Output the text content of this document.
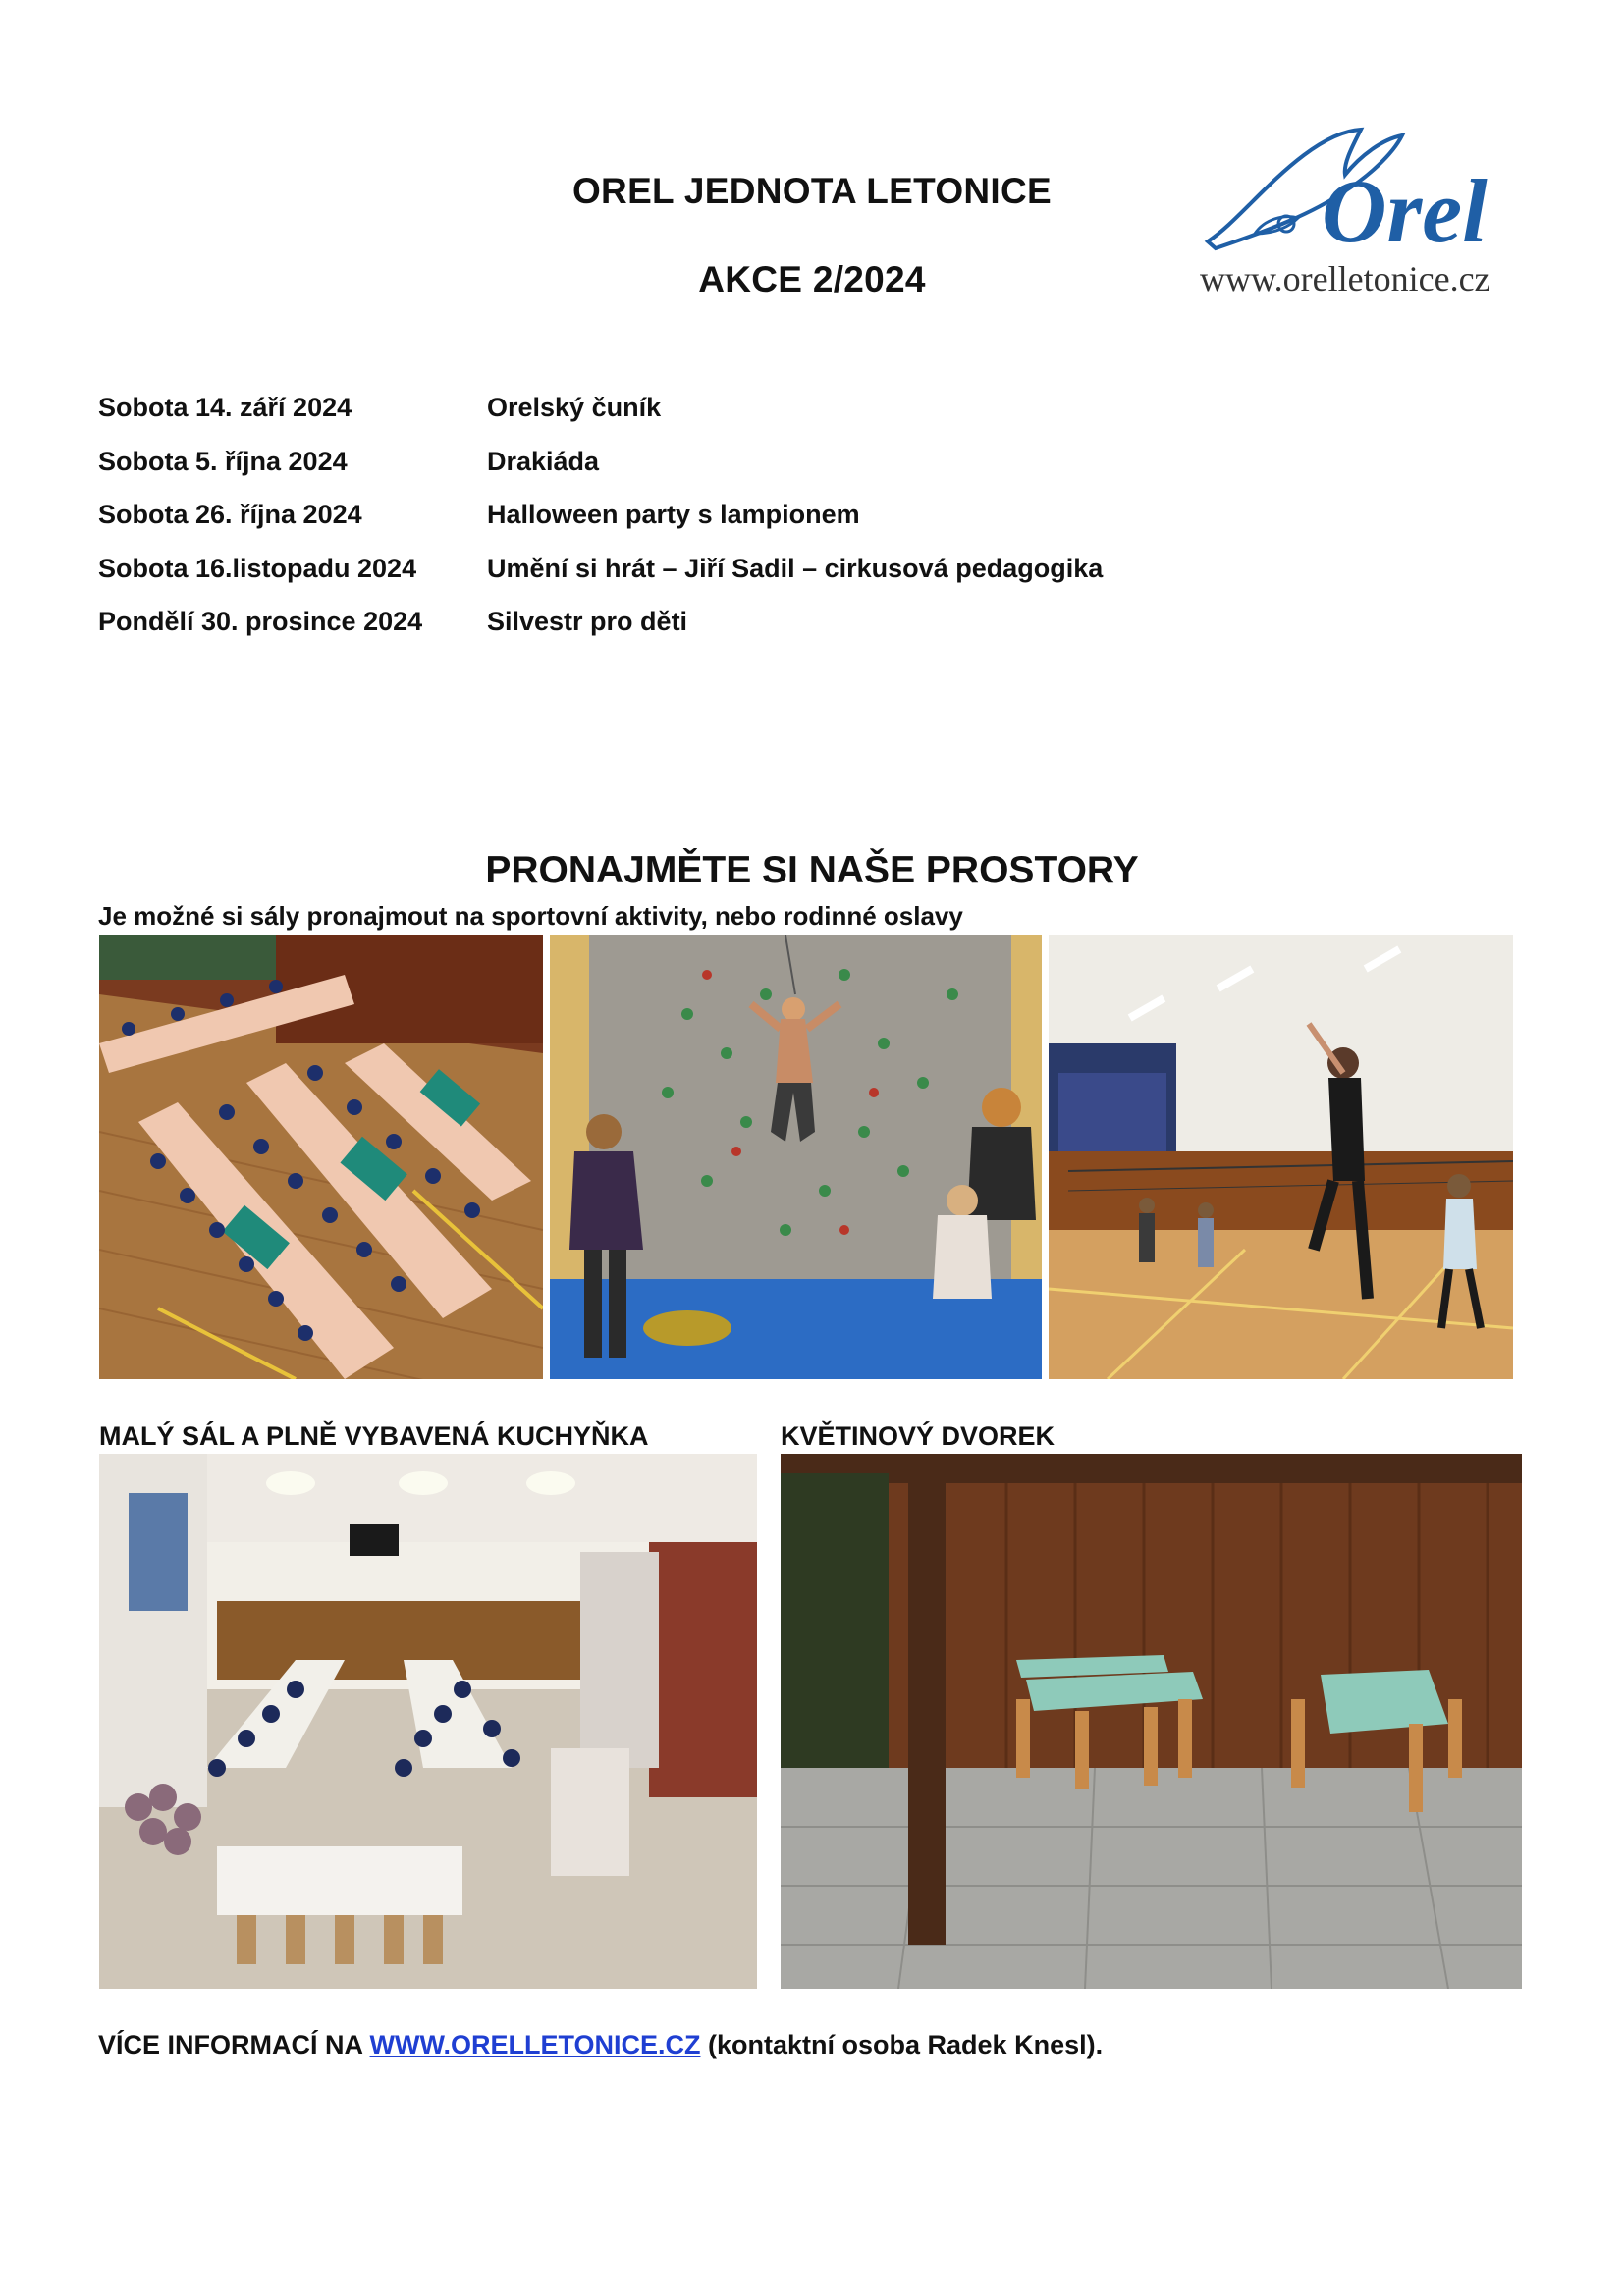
OREL JEDNOTA LETONICE
AKCE 2/2024
Orel
www.orelletonice.cz
Sobota 14. září 2024	Orelský čuník
Sobota 5. října 2024	Drakiáda
Sobota 26. října 2024	Halloween party s lampionem
Sobota 16.listopadu 2024	Umění si hrát – Jiří Sadil – cirkusová pedagogika
Pondělí 30. prosince 2024 Silvestr pro děti
PRONAJMĚTE SI NAŠE PROSTORY
Je možné si sály pronajmout na sportovní aktivity, nebo rodinné oslavy
MALÝ SÁL A PLNĚ VYBAVENÁ KUCHYŇKA	KVĚTINOVÝ DVOREK
VÍCE INFORMACÍ NA WWW.ORELLETONICE.CZ (kontaktní osoba Radek Knesl).
